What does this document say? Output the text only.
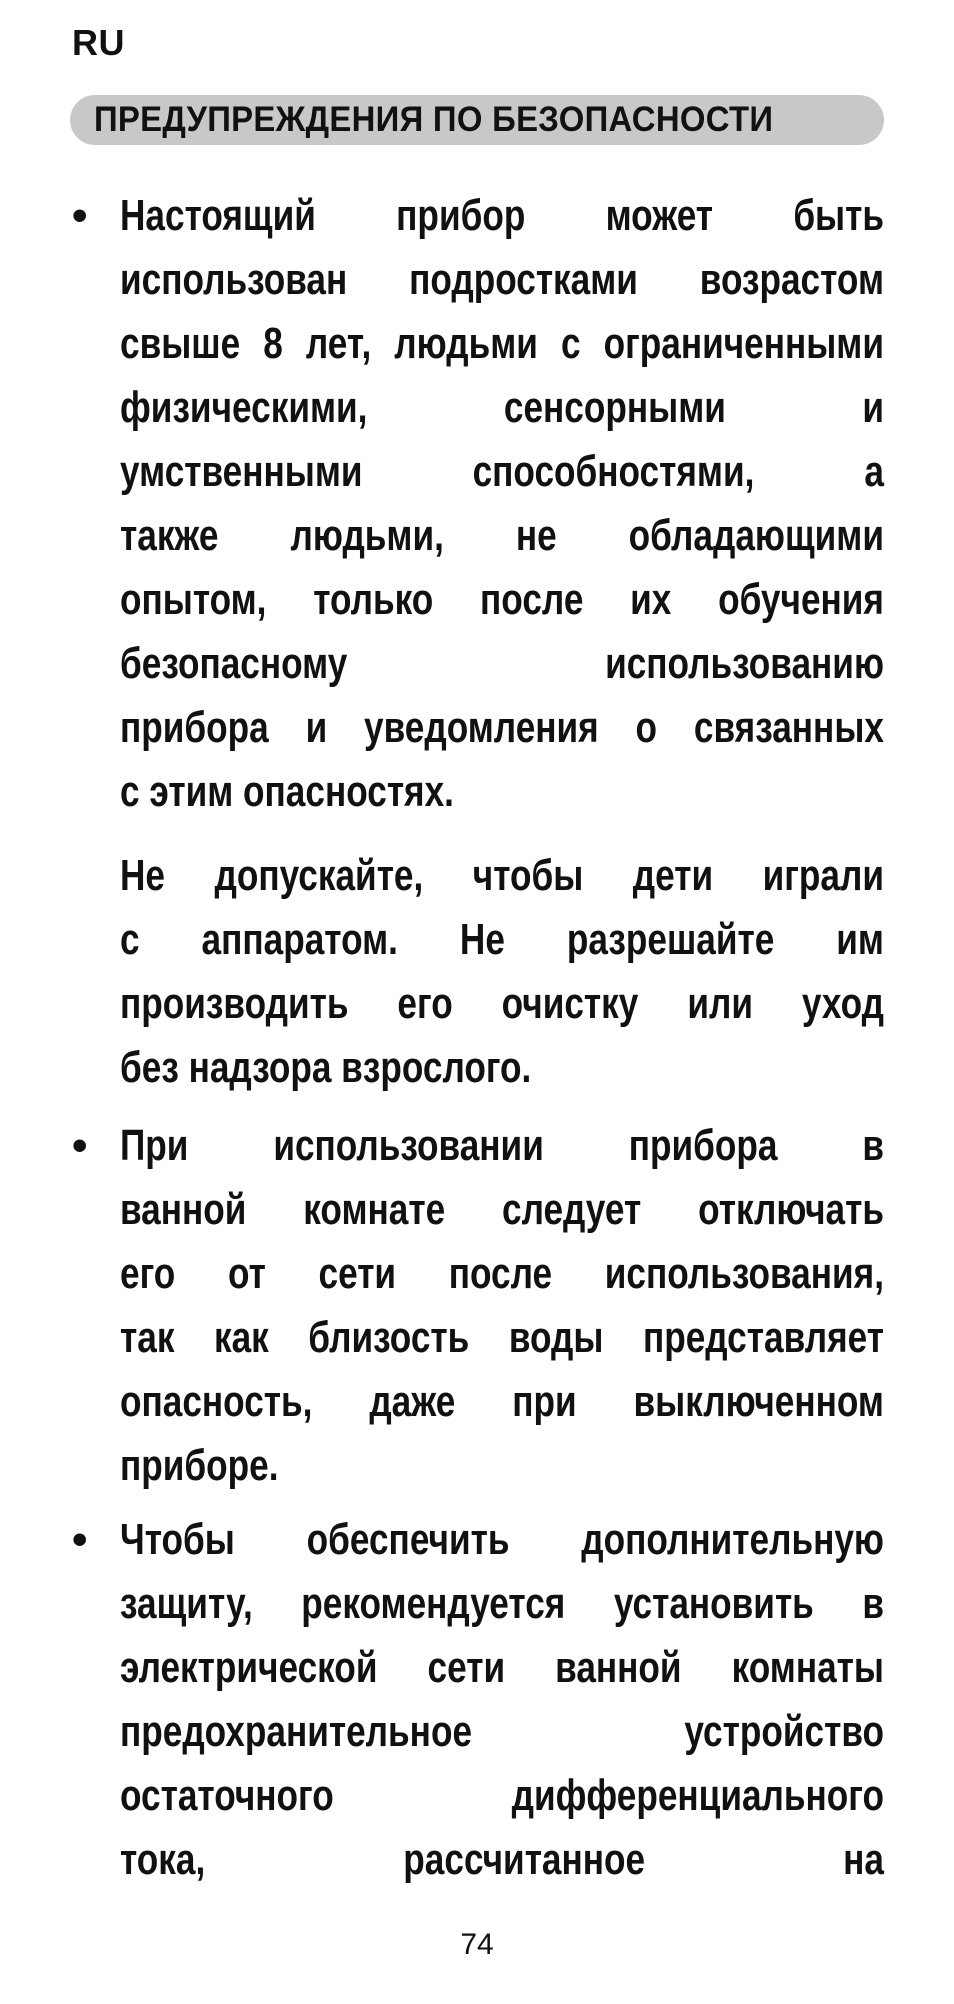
RU
ПРЕДУПРЕЖДЕНИЯ ПО БЕЗОПАСНОСТИ
• Настоящий прибор может быть
использован подростками возрастом
свыше 8 лет, людьми с ограниченными
физическими,	сенсорными	и
умственными	способностями,	а
также людьми, не обладающими
опытом, только после их обучения
безопасному	использованию
прибора и уведомления о связанных
с этим опасностях.
Не допускайте, чтобы дети играли
с аппаратом. Не разрешайте им
производить его очистку или уход
без надзора взрослого.
• При использовании прибора в
ванной комнате следует отключать
его от сети после использования,
так как близость воды представляет
опасность, даже при выключенном
приборе.
• Чтобы обеспечить дополнительную
защиту, рекомендуется установить в
электрической сети ванной комнаты
предохранительное	устройство
остаточного	дифференциального
тока,	рассчитанное	на
74
